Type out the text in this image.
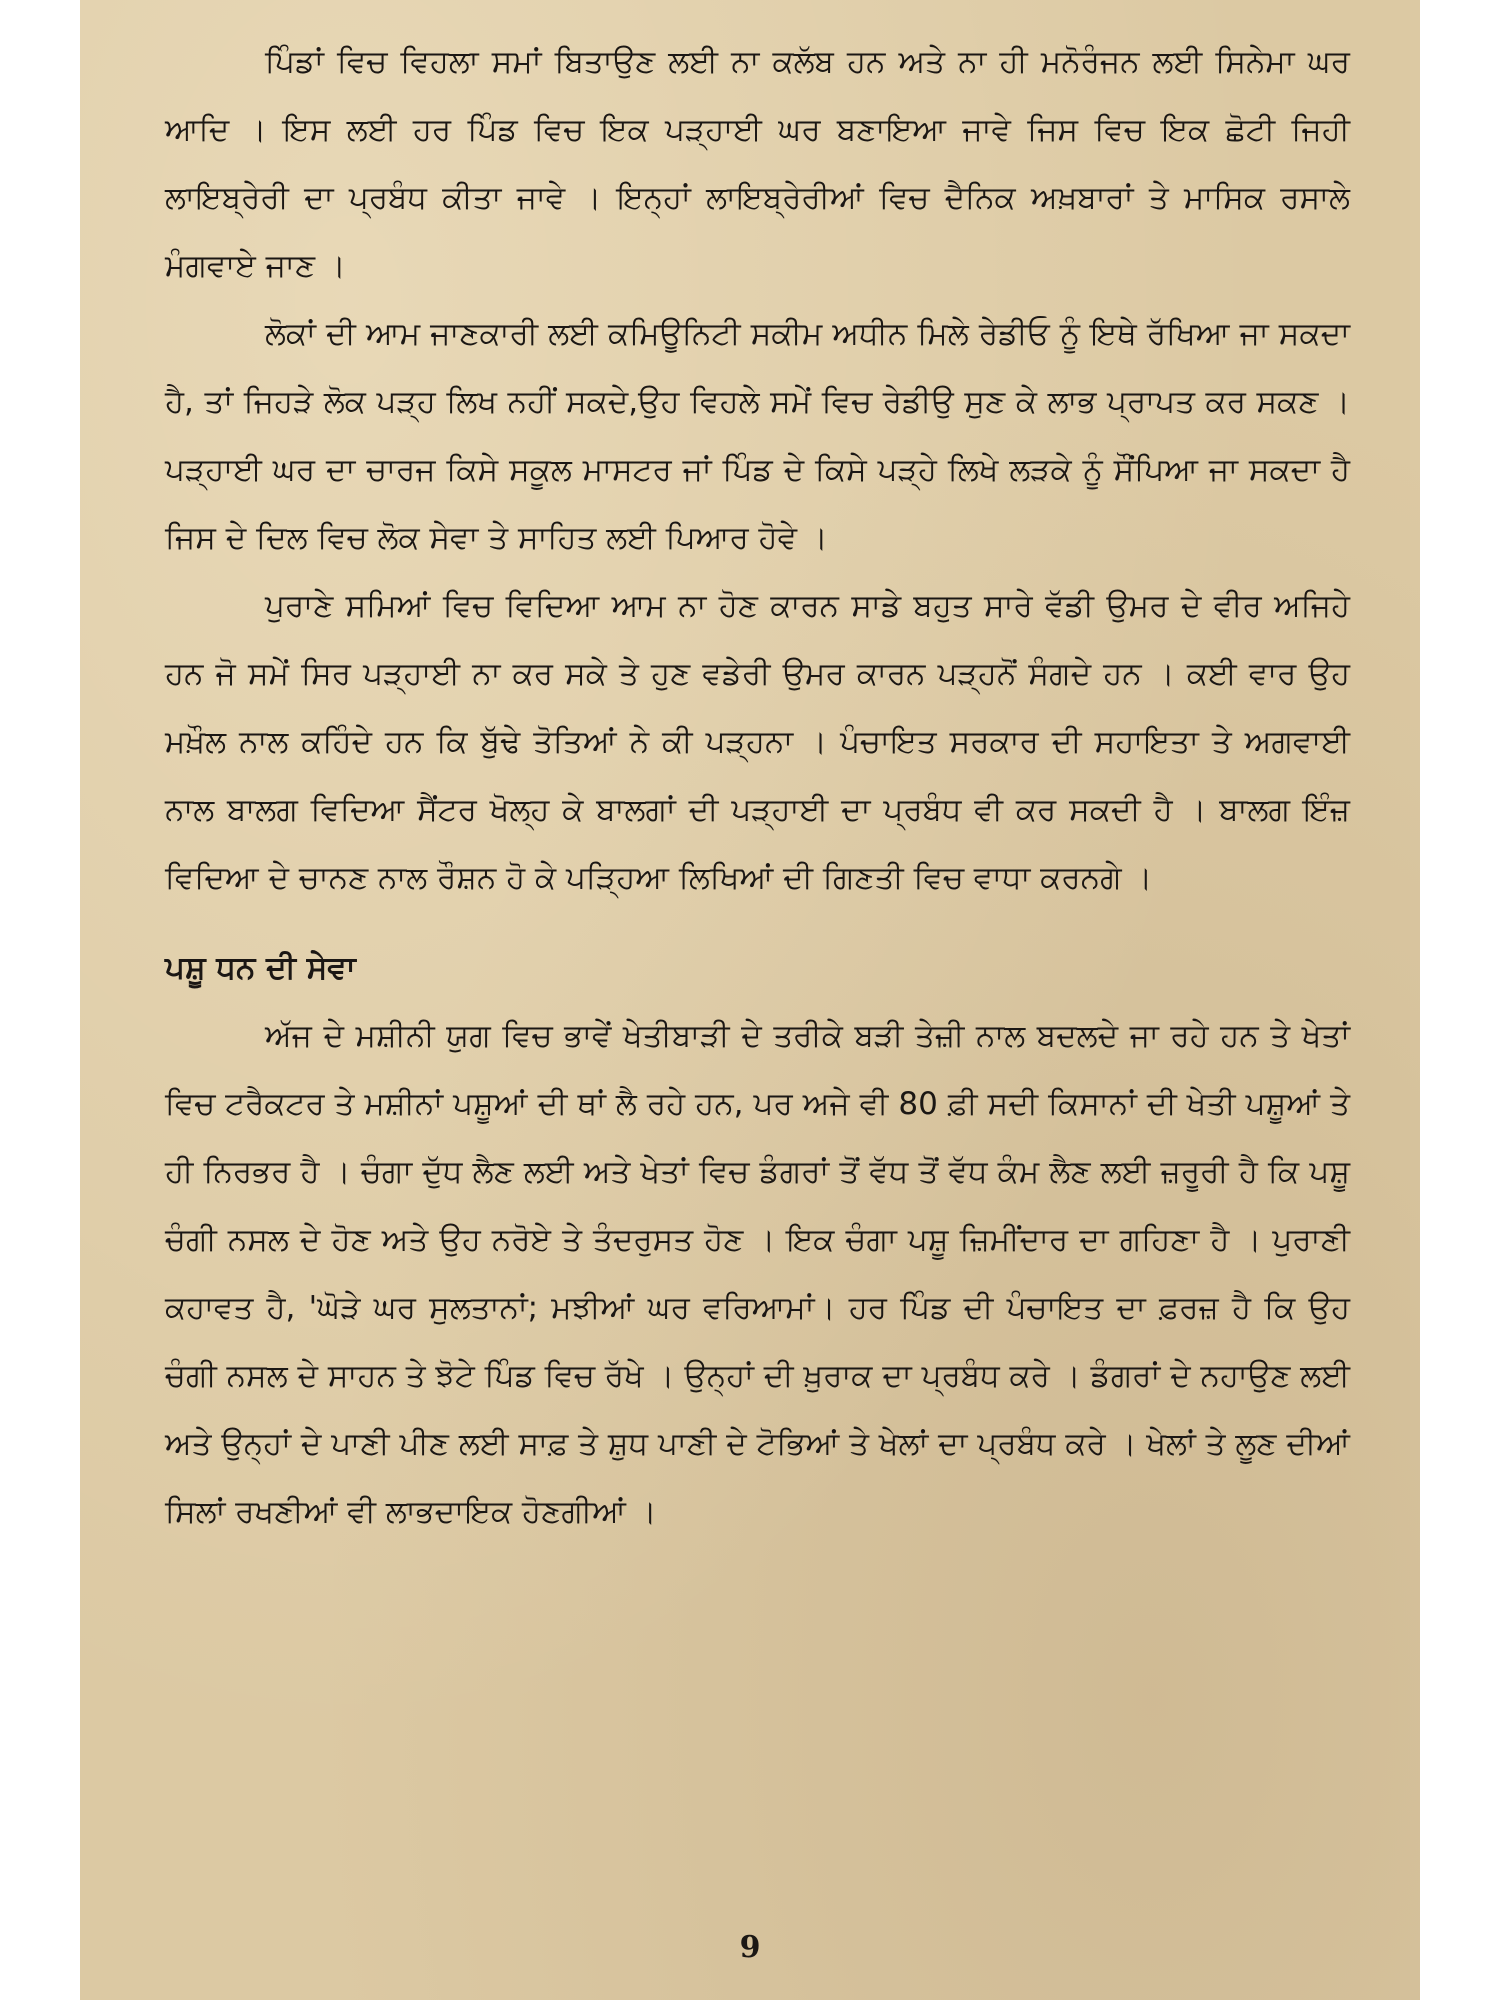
ਪਿੰਡਾਂ ਵਿਚ ਵਿਹਲਾ ਸਮਾਂ ਬਿਤਾਉਣ ਲਈ ਨਾ ਕਲੱਬ ਹਨ ਅਤੇ ਨਾ ਹੀ ਮਨੋਰੰਜਨ ਲਈ ਸਿਨੇਮਾ ਘਰ ਆਦਿ । ਇਸ ਲਈ ਹਰ ਪਿੰਡ ਵਿਚ ਇਕ ਪੜ੍ਹਾਈ ਘਰ ਬਣਾਇਆ ਜਾਵੇ ਜਿਸ ਵਿਚ ਇਕ ਛੋਟੀ ਜਿਹੀ ਲਾਇਬ੍ਰੇਰੀ ਦਾ ਪ੍ਰਬੰਧ ਕੀਤਾ ਜਾਵੇ । ਇਨ੍ਹਾਂ ਲਾਇਬ੍ਰੇਰੀਆਂ ਵਿਚ ਦੈਨਿਕ ਅਖ਼ਬਾਰਾਂ ਤੇ ਮਾਸਿਕ ਰਸਾਲੇ ਮੰਗਵਾਏ ਜਾਣ ।

ਲੋਕਾਂ ਦੀ ਆਮ ਜਾਣਕਾਰੀ ਲਈ ਕਮਿਊਨਿਟੀ ਸਕੀਮ ਅਧੀਨ ਮਿਲੇ ਰੇਡੀਓ ਨੂੰ ਇਥੇ ਰੱਖਿਆ ਜਾ ਸਕਦਾ ਹੈ, ਤਾਂ ਜਿਹੜੇ ਲੋਕ ਪੜ੍ਹ ਲਿਖ ਨਹੀਂ ਸਕਦੇ,ਉਹ ਵਿਹਲੇ ਸਮੇਂ ਵਿਚ ਰੇਡੀਉ ਸੁਣ ਕੇ ਲਾਭ ਪ੍ਰਾਪਤ ਕਰ ਸਕਣ । ਪੜ੍ਹਾਈ ਘਰ ਦਾ ਚਾਰਜ ਕਿਸੇ ਸਕੂਲ ਮਾਸਟਰ ਜਾਂ ਪਿੰਡ ਦੇ ਕਿਸੇ ਪੜ੍ਹੇ ਲਿਖੇ ਲੜਕੇ ਨੂੰ ਸੌਂਪਿਆ ਜਾ ਸਕਦਾ ਹੈ ਜਿਸ ਦੇ ਦਿਲ ਵਿਚ ਲੋਕ ਸੇਵਾ ਤੇ ਸਾਹਿਤ ਲਈ ਪਿਆਰ ਹੋਵੇ ।

ਪੁਰਾਣੇ ਸਮਿਆਂ ਵਿਚ ਵਿਦਿਆ ਆਮ ਨਾ ਹੋਣ ਕਾਰਨ ਸਾਡੇ ਬਹੁਤ ਸਾਰੇ ਵੱਡੀ ਉਮਰ ਦੇ ਵੀਰ ਅਜਿਹੇ ਹਨ ਜੋ ਸਮੇਂ ਸਿਰ ਪੜ੍ਹਾਈ ਨਾ ਕਰ ਸਕੇ ਤੇ ਹੁਣ ਵਡੇਰੀ ਉਮਰ ਕਾਰਨ ਪੜ੍ਹਨੋਂ ਸੰਗਦੇ ਹਨ । ਕਈ ਵਾਰ ਉਹ ਮਖ਼ੌਲ ਨਾਲ ਕਹਿੰਦੇ ਹਨ ਕਿ ਬੁੱਢੇ ਤੋਤਿਆਂ ਨੇ ਕੀ ਪੜ੍ਹਨਾ । ਪੰਚਾਇਤ ਸਰਕਾਰ ਦੀ ਸਹਾਇਤਾ ਤੇ ਅਗਵਾਈ ਨਾਲ ਬਾਲਗ ਵਿਦਿਆ ਸੈਂਟਰ ਖੋਲ੍ਹ ਕੇ ਬਾਲਗਾਂ ਦੀ ਪੜ੍ਹਾਈ ਦਾ ਪ੍ਰਬੰਧ ਵੀ ਕਰ ਸਕਦੀ ਹੈ । ਬਾਲਗ ਇੰਜ਼ ਵਿਦਿਆ ਦੇ ਚਾਨਣ ਨਾਲ ਰੌਸ਼ਨ ਹੋ ਕੇ ਪੜ੍ਹਿਆ ਲਿਖਿਆਂ ਦੀ ਗਿਣਤੀ ਵਿਚ ਵਾਧਾ ਕਰਨਗੇ ।

ਪਸ਼ੂ ਧਨ ਦੀ ਸੇਵਾ

ਅੱਜ ਦੇ ਮਸ਼ੀਨੀ ਯੁਗ ਵਿਚ ਭਾਵੇਂ ਖੇਤੀਬਾੜੀ ਦੇ ਤਰੀਕੇ ਬੜੀ ਤੇਜ਼ੀ ਨਾਲ ਬਦਲਦੇ ਜਾ ਰਹੇ ਹਨ ਤੇ ਖੇਤਾਂ ਵਿਚ ਟਰੈਕਟਰ ਤੇ ਮਸ਼ੀਨਾਂ ਪਸ਼ੂਆਂ ਦੀ ਥਾਂ ਲੈ ਰਹੇ ਹਨ, ਪਰ ਅਜੇ ਵੀ 80 ਫ਼ੀ ਸਦੀ ਕਿਸਾਨਾਂ ਦੀ ਖੇਤੀ ਪਸ਼ੂਆਂ ਤੇ ਹੀ ਨਿਰਭਰ ਹੈ । ਚੰਗਾ ਦੁੱਧ ਲੈਣ ਲਈ ਅਤੇ ਖੇਤਾਂ ਵਿਚ ਡੰਗਰਾਂ ਤੋਂ ਵੱਧ ਤੋਂ ਵੱਧ ਕੰਮ ਲੈਣ ਲਈ ਜ਼ਰੂਰੀ ਹੈ ਕਿ ਪਸ਼ੂ ਚੰਗੀ ਨਸਲ ਦੇ ਹੋਣ ਅਤੇ ਉਹ ਨਰੋਏ ਤੇ ਤੰਦਰੁਸਤ ਹੋਣ । ਇਕ ਚੰਗਾ ਪਸ਼ੂ ਜ਼ਿਮੀਂਦਾਰ ਦਾ ਗਹਿਣਾ ਹੈ । ਪੁਰਾਣੀ ਕਹਾਵਤ ਹੈ, 'ਘੋੜੇ ਘਰ ਸੁਲਤਾਨਾਂ; ਮਝੀਆਂ ਘਰ ਵਰਿਆਮਾਂ। ਹਰ ਪਿੰਡ ਦੀ ਪੰਚਾਇਤ ਦਾ ਫ਼ਰਜ਼ ਹੈ ਕਿ ਉਹ ਚੰਗੀ ਨਸਲ ਦੇ ਸਾਹਨ ਤੇ ਝੋਟੇ ਪਿੰਡ ਵਿਚ ਰੱਖੇ । ਉਨ੍ਹਾਂ ਦੀ ਖ਼ੁਰਾਕ ਦਾ ਪ੍ਰਬੰਧ ਕਰੇ । ਡੰਗਰਾਂ ਦੇ ਨਹਾਉਣ ਲਈ ਅਤੇ ਉਨ੍ਹਾਂ ਦੇ ਪਾਣੀ ਪੀਣ ਲਈ ਸਾਫ਼ ਤੇ ਸ਼ੁਧ ਪਾਣੀ ਦੇ ਟੋਭਿਆਂ ਤੇ ਖੇਲਾਂ ਦਾ ਪ੍ਰਬੰਧ ਕਰੇ । ਖੇਲਾਂ ਤੇ ਲੂਣ ਦੀਆਂ ਸਿਲਾਂ ਰਖਣੀਆਂ ਵੀ ਲਾਭਦਾਇਕ ਹੋਣਗੀਆਂ ।

9
